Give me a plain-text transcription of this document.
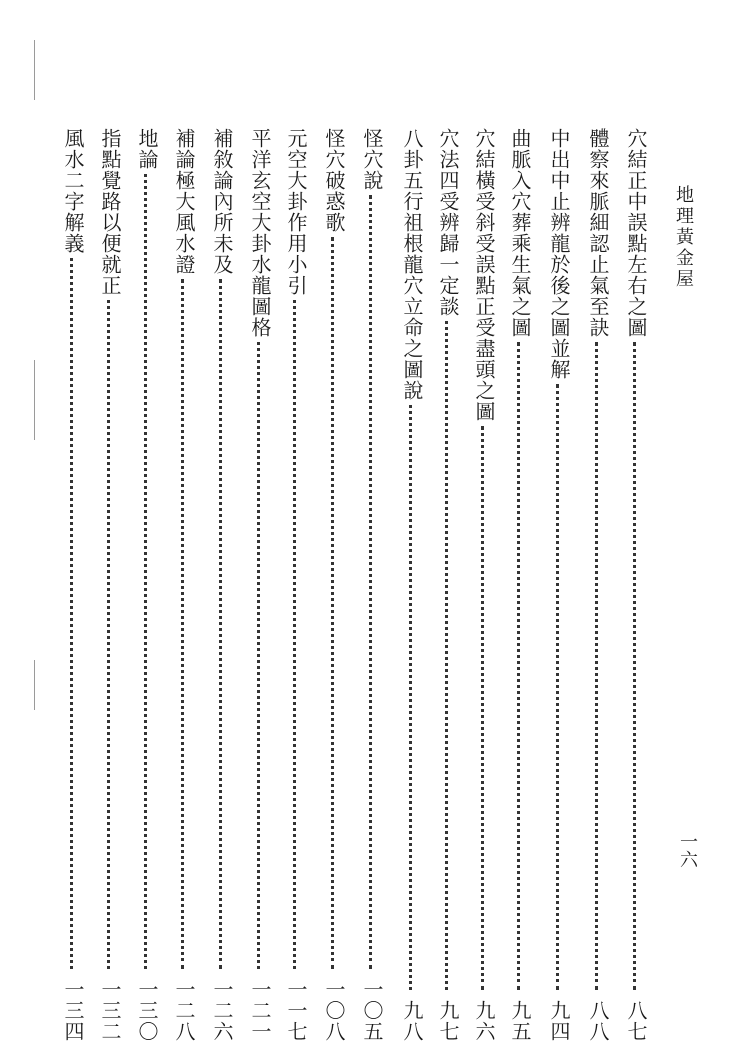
地理黃金屋
一六
穴結正中誤點左右之圖
八七
體察來脈細認止氣至訣
八八
中出中止辨龍於後之圖並解
九四
曲脈入穴葬乘生氣之圖
九五
穴結橫受斜受誤點正受盡頭之圖
九六
穴法四受辨歸一定談
九七
八卦五行祖根龍穴立命之圖說
九八
怪穴說
一〇五
怪穴破惑歌
一〇八
元空大卦作用小引
一一七
平洋玄空大卦水龍圖格
一二一
補敘論內所未及
一二六
補論極大風水證
一二八
地論
一三〇
指點覺路以便就正
一三二
風水二字解義
一三四
